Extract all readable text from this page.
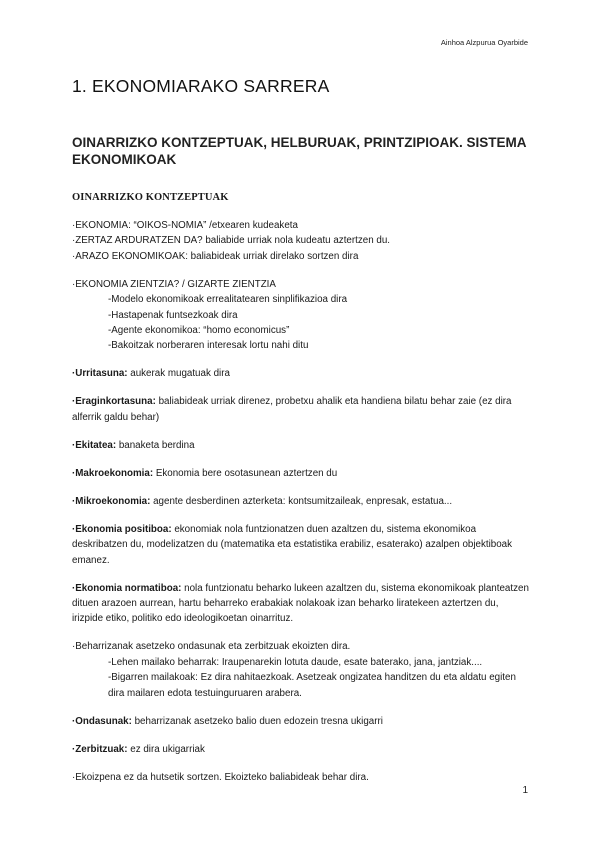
Ainhoa Alzpurua Oyarbide
1. EKONOMIARAKO SARRERA
OINARRIZKO KONTZEPTUAK, HELBURUAK, PRINTZIPIOAK. SISTEMA EKONOMIKOAK
OINARRIZKO KONTZEPTUAK

·EKONOMIA: “OIKOS-NOMIA” /etxearen kudeaketa

·ZERTAZ ARDURATZEN DA? baliabide urriak nola kudeatu aztertzen du.

·ARAZO EKONOMIKOAK: baliabideak urriak direlako sortzen dira

·EKONOMIA ZIENTZIA? / GIZARTE ZIENTZIA

-Modelo ekonomikoak errealitatearen sinplifikazioa dira

-Hastapenak funtsezkoak dira

-Agente ekonomikoa: “homo economicus”

-Bakoitzak norberaren interesak lortu nahi ditu

·Urritasuna: aukerak mugatuak dira

·Eraginkortasuna: baliabideak urriak direnez, probetxu ahalik eta handiena bilatu behar zaie (ez dira alferrik galdu behar)

·Ekitatea: banaketa berdina

·Makroekonomia: Ekonomia bere osotasunean aztertzen du

·Mikroekonomia: agente desberdinen azterketa: kontsumitzaileak, enpresak, estatua...

·Ekonomia positiboa: ekonomiak nola funtzionatzen duen azaltzen du, sistema ekonomikoa deskribatzen du, modelizatzen du (matematika eta estatistika erabiliz, esaterako) azalpen objektiboak emanez.

·Ekonomia normatiboa: nola funtzionatu beharko lukeen azaltzen du, sistema ekonomikoak planteatzen dituen arazoen aurrean, hartu beharreko erabakiak nolakoak izan beharko liratekeen aztertzen du, irizpide etiko, politiko edo ideologikoetan oinarrituz.

·Beharrizanak asetzeko ondasunak eta zerbitzuak ekoizten dira.

-Lehen mailako beharrak: Iraupenarekin lotuta daude, esate baterako, jana, jantziak....

-Bigarren mailakoak: Ez dira nahitaezkoak. Asetzeak ongizatea handitzen du eta aldatu egiten dira mailaren edota testuinguruaren arabera.

·Ondasunak: beharrizanak asetzeko balio duen edozein tresna ukigarri

·Zerbitzuak: ez dira ukigarriak

·Ekoizpena ez da hutsetik sortzen. Ekoizteko baliabideak behar dira.

1
